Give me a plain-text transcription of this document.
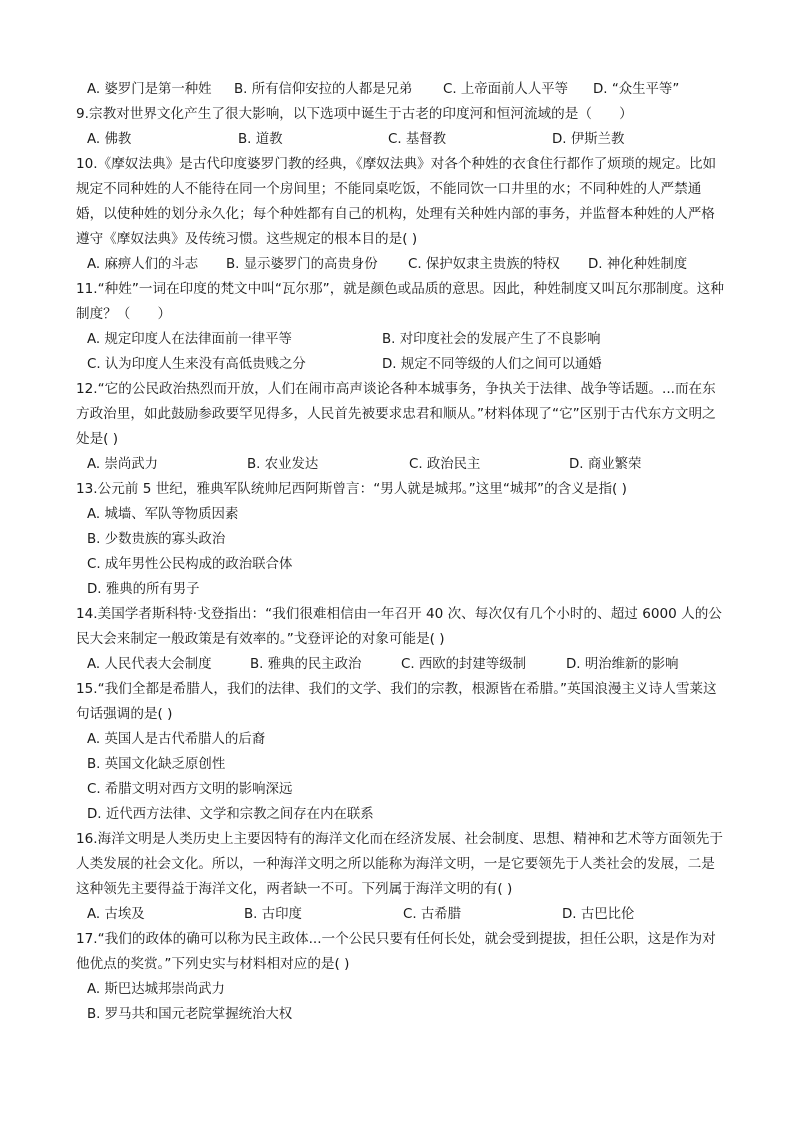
A. 婆罗门是第一种姓 B. 所有信仰安拉的人都是兄弟 C. 上帝面前人人平等 D. “众生平等”

9.宗教对世界文化产生了很大影响，以下选项中诞生于古老的印度河和恒河流域的是（　　）

A. 佛教	B. 道教	C. 基督教	D. 伊斯兰教

10.《摩奴法典》是古代印度婆罗门教的经典，《摩奴法典》对各个种姓的衣食住行都作了烦琐的规定。比如规定不同种姓的人不能待在同一个房间里；不能同桌吃饭，不能同饮一口井里的水；不同种姓的人严禁通婚，以使种姓的划分永久化；每个种姓都有自己的机构，处理有关种姓内部的事务，并监督本种姓的人严格遵守《摩奴法典》及传统习惯。这些规定的根本目的是( )

A. 麻痹人们的斗志 B. 显示婆罗门的高贵身份 C. 保护奴隶主贵族的特权 D. 神化种姓制度

11.“种姓”一词在印度的梵文中叫“瓦尔那”，就是颜色或品质的意思。因此，种姓制度又叫瓦尔那制度。这种制度？（　　）

A. 规定印度人在法律面前一律平等	B. 对印度社会的发展产生了不良影响
C. 认为印度人生来没有高低贵贱之分	D. 规定不同等级的人们之间可以通婚

12.“它的公民政治热烈而开放，人们在闹市高声谈论各种本城事务，争执关于法律、战争等话题。...而在东方政治里，如此鼓励参政要罕见得多，人民首先被要求忠君和顺从。”材料体现了“它”区别于古代东方文明之处是( )

A. 崇尚武力	B. 农业发达	C. 政治民主	D. 商业繁荣

13.公元前 5 世纪，雅典军队统帅尼西阿斯曾言：“男人就是城邦。”这里“城邦”的含义是指( )

A. 城墙、军队等物质因素
B. 少数贵族的寡头政治
C. 成年男性公民构成的政治联合体
D. 雅典的所有男子

14.美国学者斯科特·戈登指出：“我们很难相信由一年召开 40 次、每次仅有几个小时的、超过 6000 人的公民大会来制定一般政策是有效率的。”戈登评论的对象可能是( )

A. 人民代表大会制度	B. 雅典的民主政治	C. 西欧的封建等级制	D. 明治维新的影响

15.“我们全都是希腊人，我们的法律、我们的文学、我们的宗教，根源皆在希腊。”英国浪漫主义诗人雪莱这句话强调的是( )

A. 英国人是古代希腊人的后裔
B. 英国文化缺乏原创性
C. 希腊文明对西方文明的影响深远
D. 近代西方法律、文学和宗教之间存在内在联系

16.海洋文明是人类历史上主要因特有的海洋文化而在经济发展、社会制度、思想、精神和艺术等方面领先于人类发展的社会文化。所以，一种海洋文明之所以能称为海洋文明，一是它要领先于人类社会的发展，二是这种领先主要得益于海洋文化，两者缺一不可。下列属于海洋文明的有( )

A. 古埃及	B. 古印度	C. 古希腊	D. 古巴比伦

17.“我们的政体的确可以称为民主政体...一个公民只要有任何长处，就会受到提拔，担任公职，这是作为对他优点的奖赏。”下列史实与材料相对应的是( )

A. 斯巴达城邦崇尚武力
B. 罗马共和国元老院掌握统治大权
